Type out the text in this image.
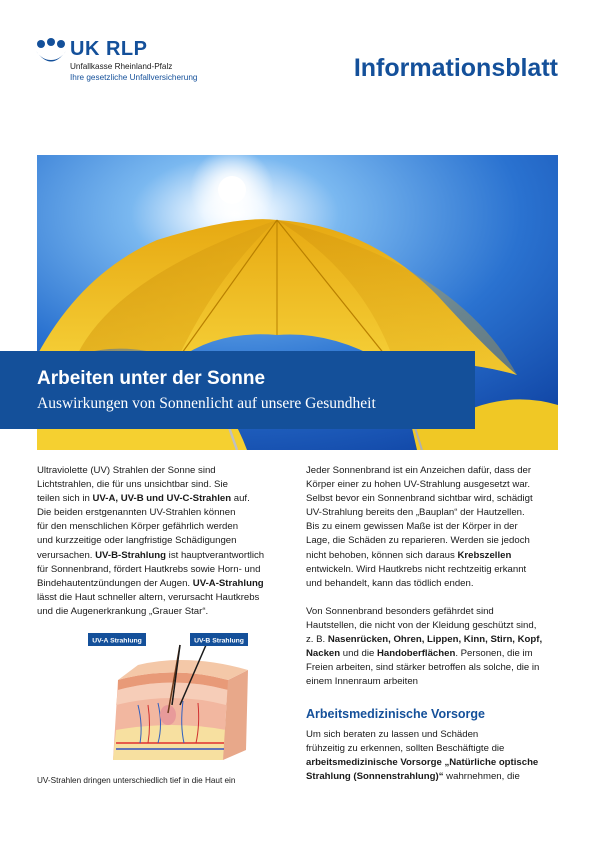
UK RLP
Unfallkasse Rheinland-Pfalz
Ihre gesetzliche Unfallversicherung	Informationsblatt
Arbeiten unter der Sonne
Auswirkungen von Sonnenlicht auf unsere Gesundheit

Ultraviolette (UV) Strahlen der Sonne sind

Lichtstrahlen, die für uns unsichtbar sind. Sie

teilen sich in UV-A, UV-B und UV-C-Strahlen auf.

Die beiden erstgenannten UV-Strahlen können

für den menschlichen Körper gefährlich werden

und kurzzeitige oder langfristige Schädigungen

verursachen. UV-B-Strahlung ist hauptverantwortlich

für Sonnenbrand, fördert Hautkrebs sowie Horn- und

Bindehautentzündungen der Augen. UV-A-Strahlung

lässt die Haut schneller altern, verursacht Hautkrebs

und die Augenerkrankung „Grauer Star“.

Jeder Sonnenbrand ist ein Anzeichen dafür, dass der

Körper einer zu hohen UV-Strahlung ausgesetzt war.

Selbst bevor ein Sonnenbrand sichtbar wird, schädigt

UV-Strahlung bereits den „Bauplan“ der Hautzellen.

Bis zu einem gewissen Maße ist der Körper in der

Lage, die Schäden zu reparieren. Werden sie jedoch

nicht behoben, können sich daraus Krebszellen

entwickeln. Wird Hautkrebs nicht rechtzeitig erkannt

und behandelt, kann das tödlich enden.

Von Sonnenbrand besonders gefährdet sind

Hautstellen, die nicht von der Kleidung geschützt sind,

z. B. Nasenrücken, Ohren, Lippen, Kinn, Stirn, Kopf,

Nacken und die Handoberflächen. Personen, die im

Freien arbeiten, sind stärker betroffen als solche, die in

einem Innenraum arbeiten

Arbeitsmedizinische Vorsorge

Um sich beraten zu lassen und Schäden

frühzeitig zu erkennen, sollten Beschäftigte die

arbeitsmedizinische Vorsorge „Natürliche optische

Strahlung (Sonnenstrahlung)“ wahrnehmen, die

UV-A Strahlung	UV-B Strahlung
UV-Strahlen dringen unterschiedlich tief in die Haut ein
